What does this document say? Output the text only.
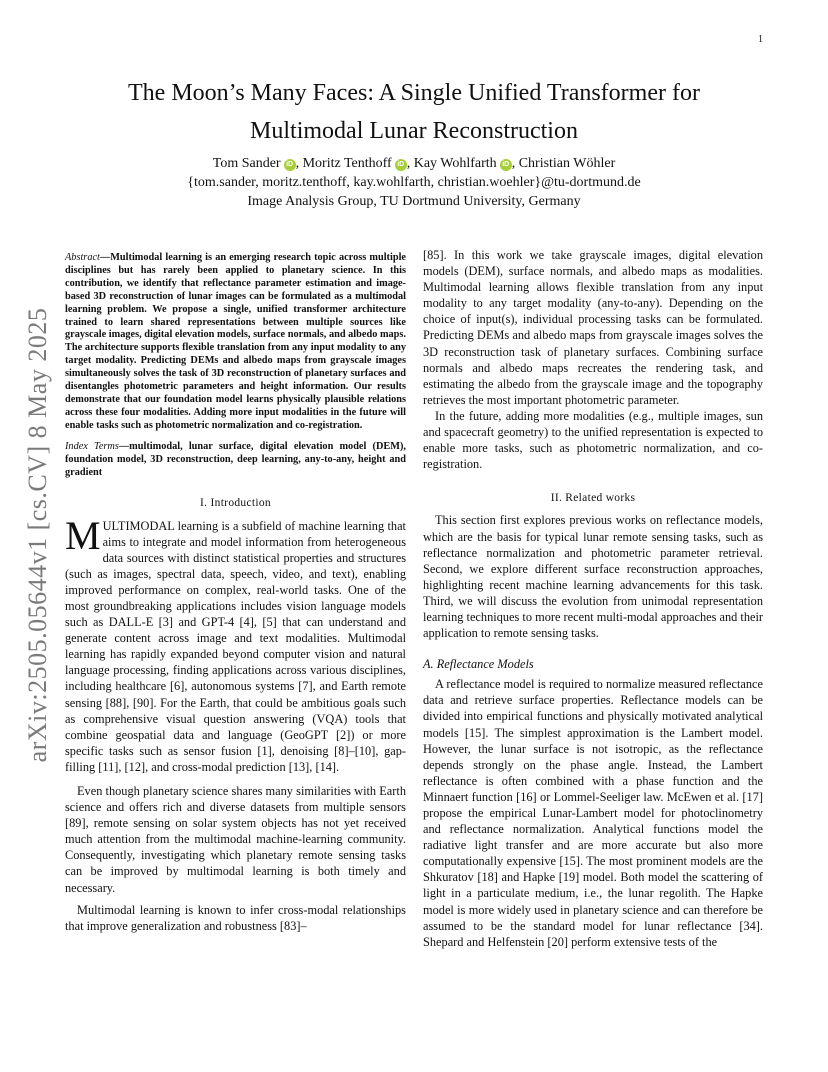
1
arXiv:2505.05644v1 [cs.CV] 8 May 2025
The Moon’s Many Faces: A Single Unified Transformer for
Multimodal Lunar Reconstruction
Tom Sander iD , Moritz Tenthoff iD , Kay Wohlfarth iD , Christian Wöhler
{tom.sander, moritz.tenthoff, kay.wohlfarth, christian.woehler}@tu-dortmund.de
Image Analysis Group, TU Dortmund University, Germany

Abstract—Multimodal learning is an emerging research topic across multiple disciplines but has rarely been applied to planetary science. In this contribution, we identify that reflectance parameter estimation and image-based 3D reconstruction of lunar images can be formulated as a multimodal learning problem. We propose a single, unified transformer architecture trained to learn shared representations between multiple sources like grayscale images, digital elevation models, surface normals, and albedo maps. The architecture supports flexible translation from any input modality to any target modality. Predicting DEMs and albedo maps from grayscale images simultaneously solves the task of 3D reconstruction of planetary surfaces and disentangles photometric parameters and height information. Our results demonstrate that our foundation model learns physically plausible relations across these four modalities. Adding more input modalities in the future will enable tasks such as photometric normalization and co-registration.

Index Terms—multimodal, lunar surface, digital elevation model (DEM), foundation model, 3D reconstruction, deep learning, any-to-any, height and gradient

I. Introduction

MULTIMODAL learning is a subfield of machine learning that aims to integrate and model information from heterogeneous data sources with distinct statistical properties and structures (such as images, spectral data, speech, video, and text), enabling improved performance on complex, real-world tasks. One of the most groundbreaking applications includes vision language models such as DALL-E [3] and GPT-4 [4], [5] that can understand and generate content across image and text modalities. Multimodal learning has rapidly expanded beyond computer vision and natural language processing, finding applications across various disciplines, including healthcare [6], autonomous systems [7], and Earth remote sensing [88], [90]. For the Earth, that could be ambitious goals such as comprehensive visual question answering (VQA) tools that combine geospatial data and language (GeoGPT [2]) or more specific tasks such as sensor fusion [1], denoising [8]–[10], gap-filling [11], [12], and cross-modal prediction [13], [14].

Even though planetary science shares many similarities with Earth science and offers rich and diverse datasets from multiple sensors [89], remote sensing on solar system objects has not yet received much attention from the multimodal machine-learning community. Consequently, investigating which planetary remote sensing tasks can be improved by multimodal learning is both timely and necessary.

Multimodal learning is known to infer cross-modal relationships that improve generalization and robustness [83]–

[85]. In this work we take grayscale images, digital elevation models (DEM), surface normals, and albedo maps as modalities. Multimodal learning allows flexible translation from any input modality to any target modality (any-to-any). Depending on the choice of input(s), individual processing tasks can be formulated. Predicting DEMs and albedo maps from grayscale images solves the 3D reconstruction task of planetary surfaces. Combining surface normals and albedo maps recreates the rendering task, and estimating the albedo from the grayscale image and the topography retrieves the most important photometric parameter.

In the future, adding more modalities (e.g., multiple images, sun and spacecraft geometry) to the unified representation is expected to enable more tasks, such as photometric normalization, and co-registration.

II. Related works

This section first explores previous works on reflectance models, which are the basis for typical lunar remote sensing tasks, such as reflectance normalization and photometric parameter retrieval. Second, we explore different surface reconstruction approaches, highlighting recent machine learning advancements for this task. Third, we will discuss the evolution from unimodal representation learning techniques to more recent multi-modal approaches and their application to remote sensing tasks.

A. Reflectance Models

A reflectance model is required to normalize measured reflectance data and retrieve surface properties. Reflectance models can be divided into empirical functions and physically motivated analytical models [15]. The simplest approximation is the Lambert model. However, the lunar surface is not isotropic, as the reflectance depends strongly on the phase angle. Instead, the Lambert reflectance is often combined with a phase function and the Minnaert function [16] or Lommel-Seeliger law. McEwen et al. [17] propose the empirical Lunar-Lambert model for photoclinometry and reflectance normalization. Analytical functions model the radiative light transfer and are more accurate but also more computationally expensive [15]. The most prominent models are the Shkuratov [18] and Hapke [19] model. Both model the scattering of light in a particulate medium, i.e., the lunar regolith. The Hapke model is more widely used in planetary science and can therefore be assumed to be the standard model for lunar reflectance [34]. Shepard and Helfenstein [20] perform extensive tests of the
